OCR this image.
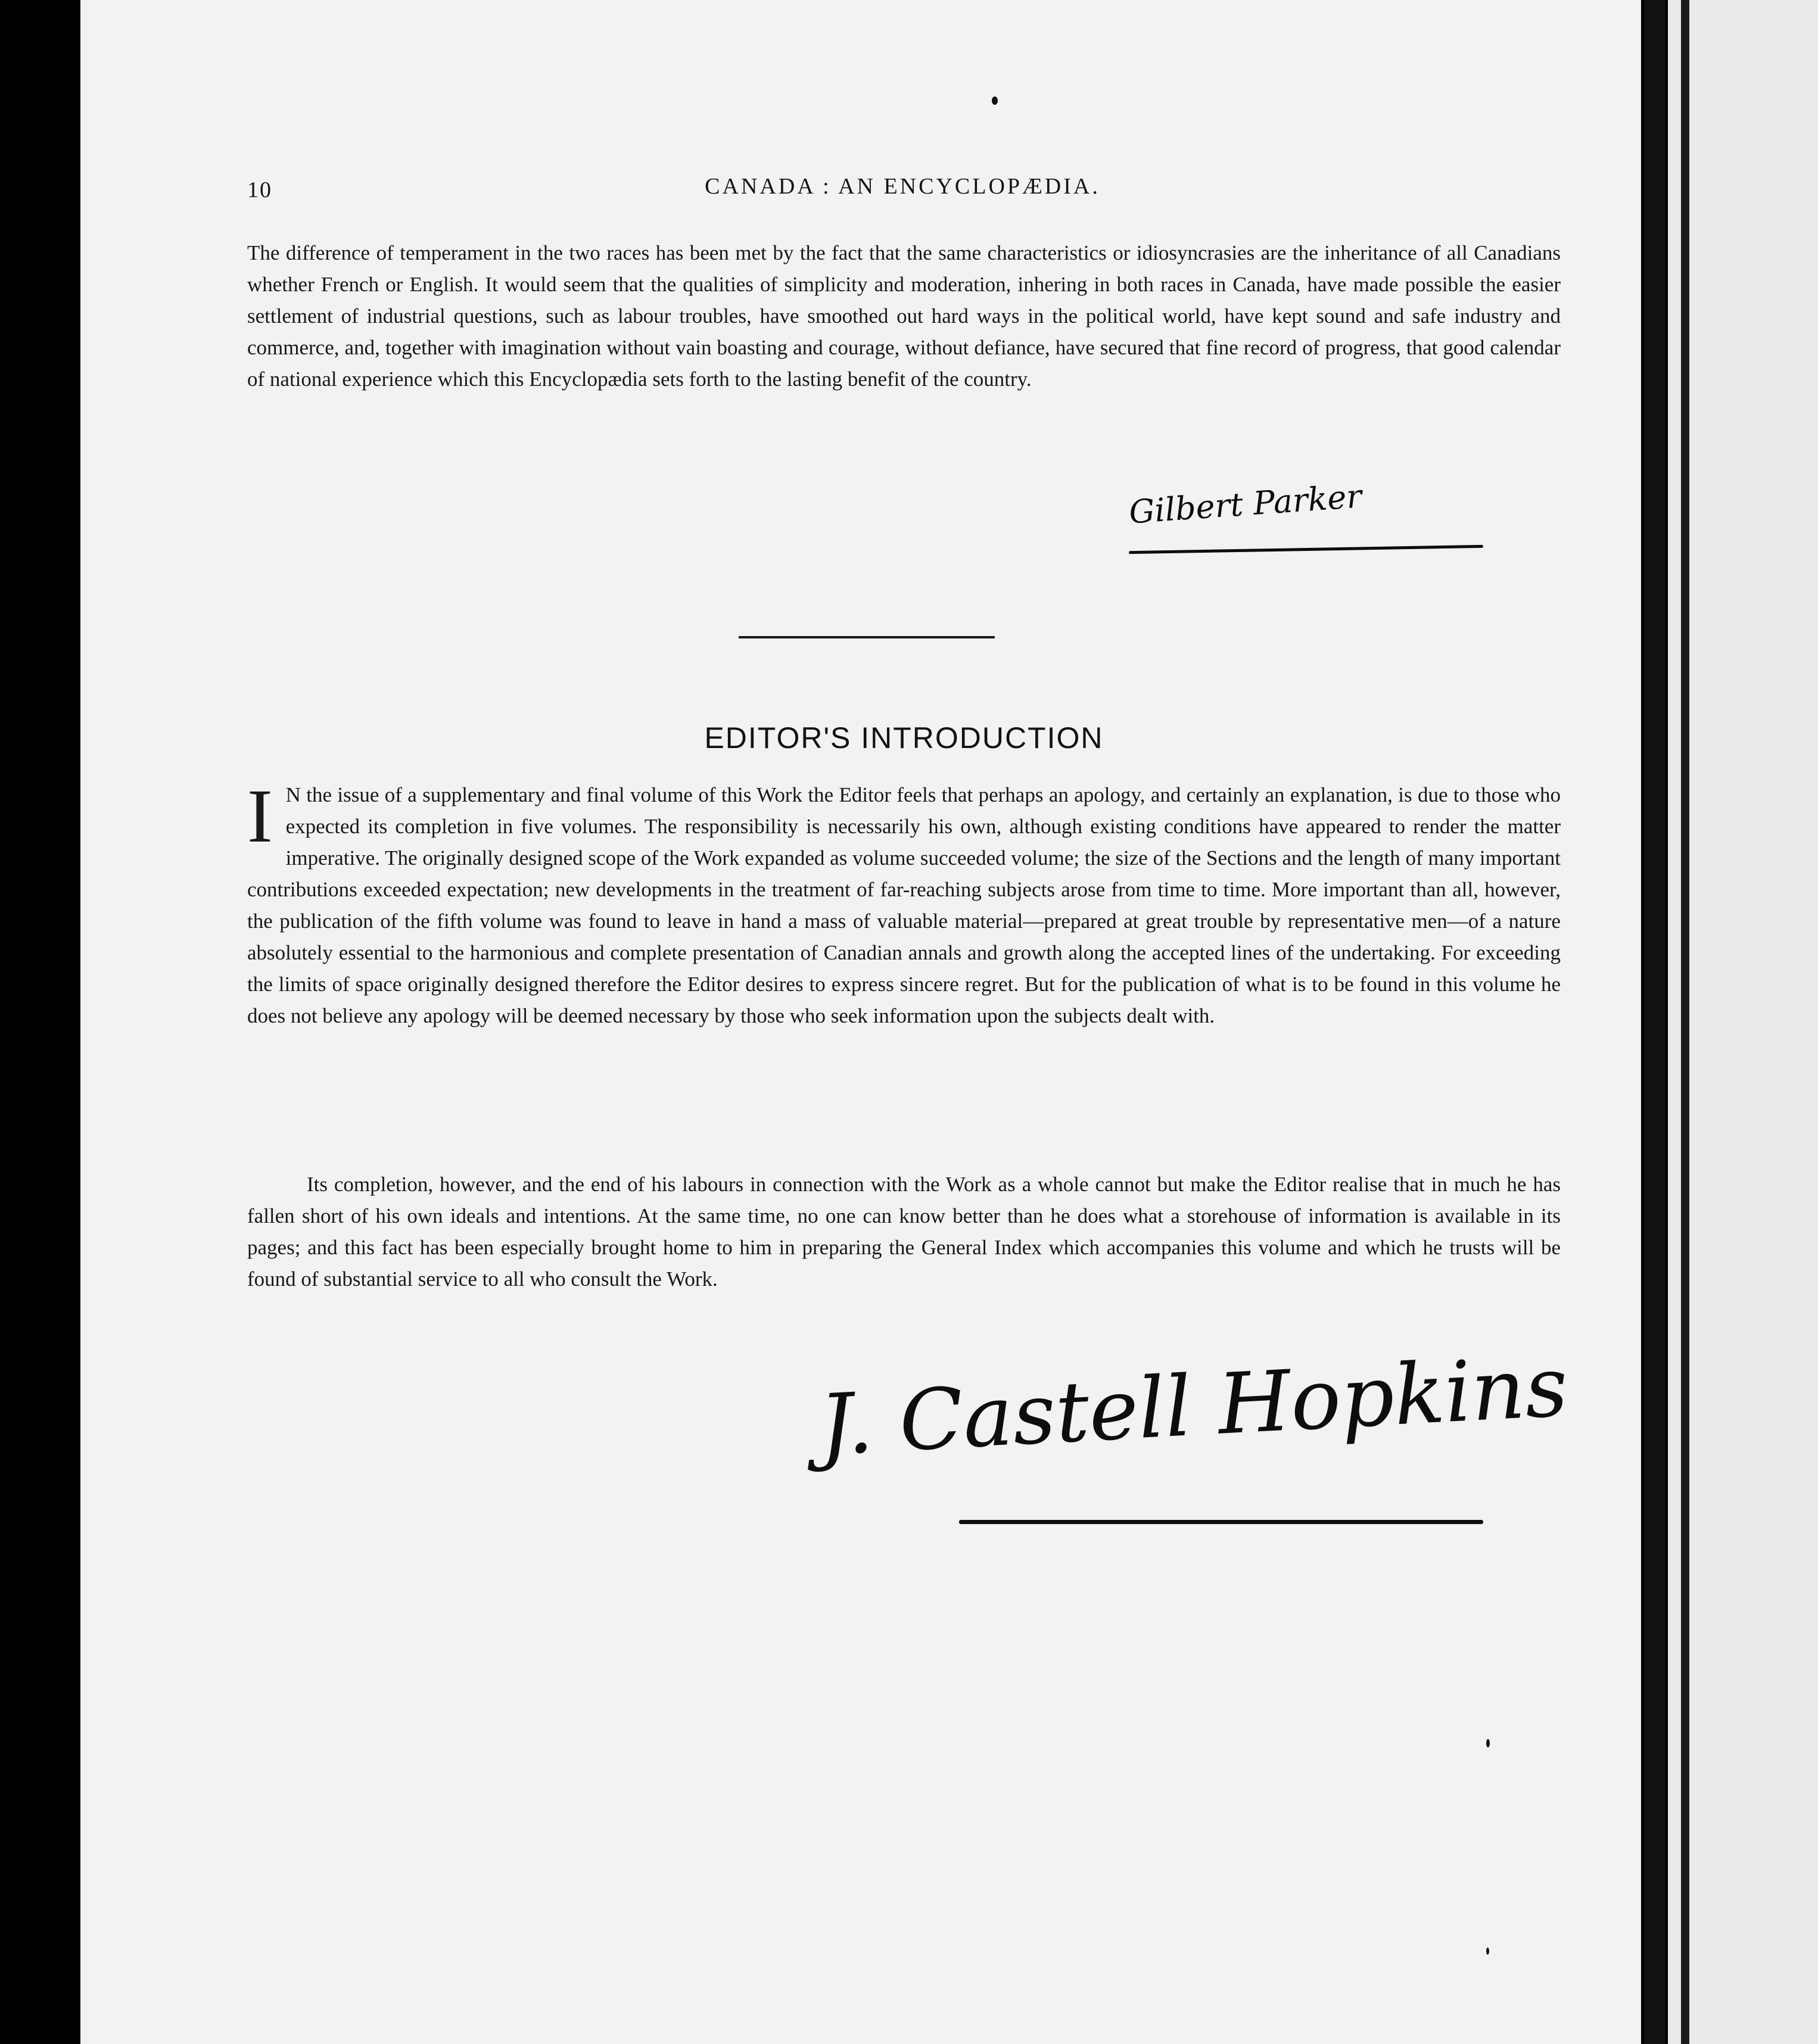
10	CANADA : AN ENCYCLOPÆDIA.

The difference of temperament in the two races has been met by the fact that the same characteristics or idiosyncrasies are the inheritance of all Canadians whether French or English. It would seem that the qualities of simplicity and moderation, inhering in both races in Canada, have made possible the easier settlement of industrial questions, such as labour troubles, have smoothed out hard ways in the political world, have kept sound and safe industry and commerce, and, together with imagination without vain boasting and courage, without defiance, have secured that fine record of progress, that good calendar of national experience which this Encyclopædia sets forth to the lasting benefit of the country.

Gilbert Parker
EDITOR'S INTRODUCTION

I N the issue of a supplementary and final volume of this Work the Editor feels that perhaps an apology, and certainly an explanation, is due to those who expected its completion in five volumes. The responsibility is necessarily his own, although existing conditions have appeared to render the matter imperative. The originally designed scope of the Work expanded as volume succeeded volume; the size of the Sections and the length of many important contributions exceeded expectation; new developments in the treatment of far-reaching subjects arose from time to time. More important than all, however, the publication of the fifth volume was found to leave in hand a mass of valuable material—prepared at great trouble by representative men—of a nature absolutely essential to the harmonious and complete presentation of Canadian annals and growth along the accepted lines of the undertaking. For exceeding the limits of space originally designed therefore the Editor desires to express sincere regret. But for the publication of what is to be found in this volume he does not believe any apology will be deemed necessary by those who seek information upon the subjects dealt with.

Its completion, however, and the end of his labours in connection with the Work as a whole cannot but make the Editor realise that in much he has fallen short of his own ideals and intentions. At the same time, no one can know better than he does what a storehouse of information is available in its pages; and this fact has been especially brought home to him in preparing the General Index which accompanies this volume and which he trusts will be found of substantial service to all who consult the Work.

J. Castell Hopkins
